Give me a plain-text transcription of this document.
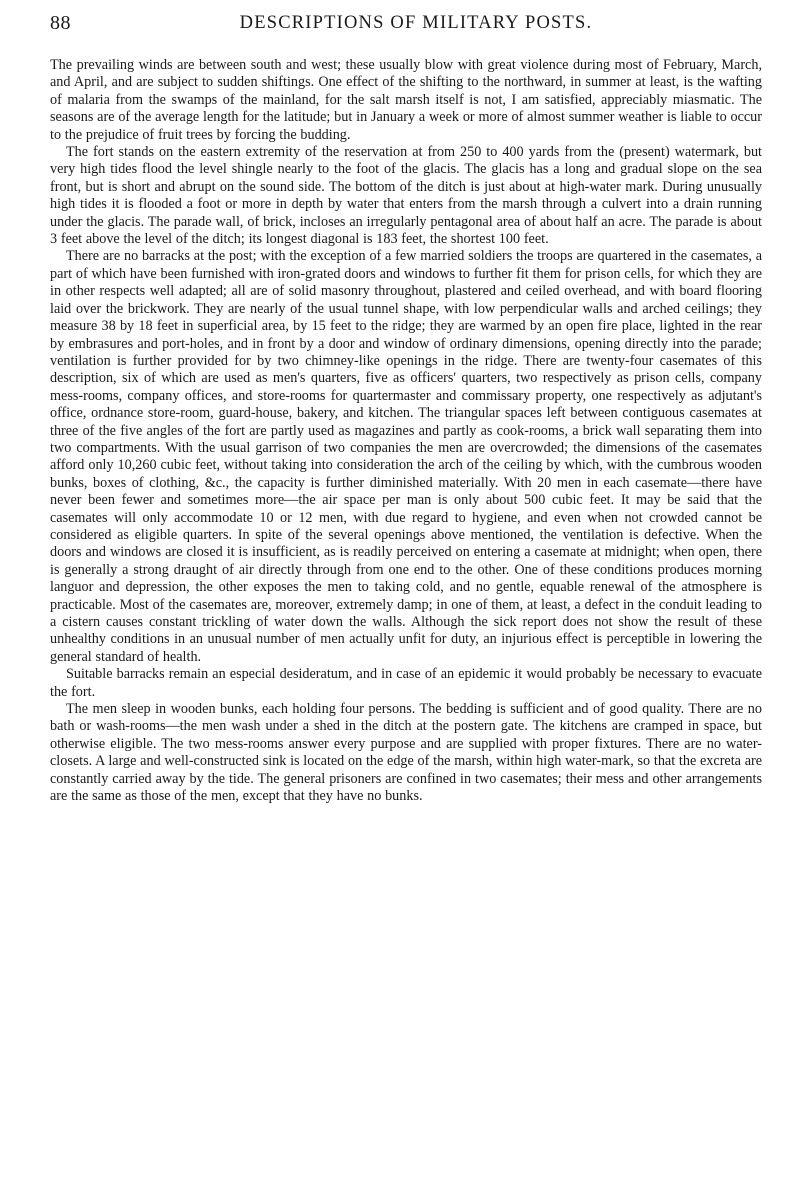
88	DESCRIPTIONS OF MILITARY POSTS.

The prevailing winds are between south and west; these usually blow with great violence during most of February, March, and April, and are subject to sudden shiftings. One effect of the shifting to the northward, in summer at least, is the wafting of malaria from the swamps of the mainland, for the salt marsh itself is not, I am satisfied, appreciably miasmatic. The seasons are of the average length for the latitude; but in January a week or more of almost summer weather is liable to occur to the prejudice of fruit trees by forcing the budding.

The fort stands on the eastern extremity of the reservation at from 250 to 400 yards from the (present) watermark, but very high tides flood the level shingle nearly to the foot of the glacis. The glacis has a long and gradual slope on the sea front, but is short and abrupt on the sound side. The bottom of the ditch is just about at high-water mark. During unusually high tides it is flooded a foot or more in depth by water that enters from the marsh through a culvert into a drain running under the glacis. The parade wall, of brick, incloses an irregularly pentagonal area of about half an acre. The parade is about 3 feet above the level of the ditch; its longest diagonal is 183 feet, the shortest 100 feet.

There are no barracks at the post; with the exception of a few married soldiers the troops are quartered in the casemates, a part of which have been furnished with iron-grated doors and windows to further fit them for prison cells, for which they are in other respects well adapted; all are of solid masonry throughout, plastered and ceiled overhead, and with board flooring laid over the brickwork. They are nearly of the usual tunnel shape, with low perpendicular walls and arched ceilings; they measure 38 by 18 feet in superficial area, by 15 feet to the ridge; they are warmed by an open fire place, lighted in the rear by embrasures and port-holes, and in front by a door and window of ordinary dimensions, opening directly into the parade; ventilation is further provided for by two chimney-like openings in the ridge. There are twenty-four casemates of this description, six of which are used as men's quarters, five as officers' quarters, two respectively as prison cells, company mess-rooms, company offices, and store-rooms for quartermaster and commissary property, one respectively as adjutant's office, ordnance store-room, guard-house, bakery, and kitchen. The triangular spaces left between contiguous casemates at three of the five angles of the fort are partly used as magazines and partly as cook-rooms, a brick wall separating them into two compartments. With the usual garrison of two companies the men are overcrowded; the dimensions of the casemates afford only 10,260 cubic feet, without taking into consideration the arch of the ceiling by which, with the cumbrous wooden bunks, boxes of clothing, &c., the capacity is further diminished materially. With 20 men in each casemate—there have never been fewer and sometimes more—the air space per man is only about 500 cubic feet. It may be said that the casemates will only accommodate 10 or 12 men, with due regard to hygiene, and even when not crowded cannot be considered as eligible quarters. In spite of the several openings above mentioned, the ventilation is defective. When the doors and windows are closed it is insufficient, as is readily perceived on entering a casemate at midnight; when open, there is generally a strong draught of air directly through from one end to the other. One of these conditions produces morning languor and depression, the other exposes the men to taking cold, and no gentle, equable renewal of the atmosphere is practicable. Most of the casemates are, moreover, extremely damp; in one of them, at least, a defect in the conduit leading to a cistern causes constant trickling of water down the walls. Although the sick report does not show the result of these unhealthy conditions in an unusual number of men actually unfit for duty, an injurious effect is perceptible in lowering the general standard of health.

Suitable barracks remain an especial desideratum, and in case of an epidemic it would probably be necessary to evacuate the fort.

The men sleep in wooden bunks, each holding four persons. The bedding is sufficient and of good quality. There are no bath or wash-rooms—the men wash under a shed in the ditch at the postern gate. The kitchens are cramped in space, but otherwise eligible. The two mess-rooms answer every purpose and are supplied with proper fixtures. There are no water-closets. A large and well-constructed sink is located on the edge of the marsh, within high water-mark, so that the excreta are constantly carried away by the tide. The general prisoners are confined in two casemates; their mess and other arrangements are the same as those of the men, except that they have no bunks.
